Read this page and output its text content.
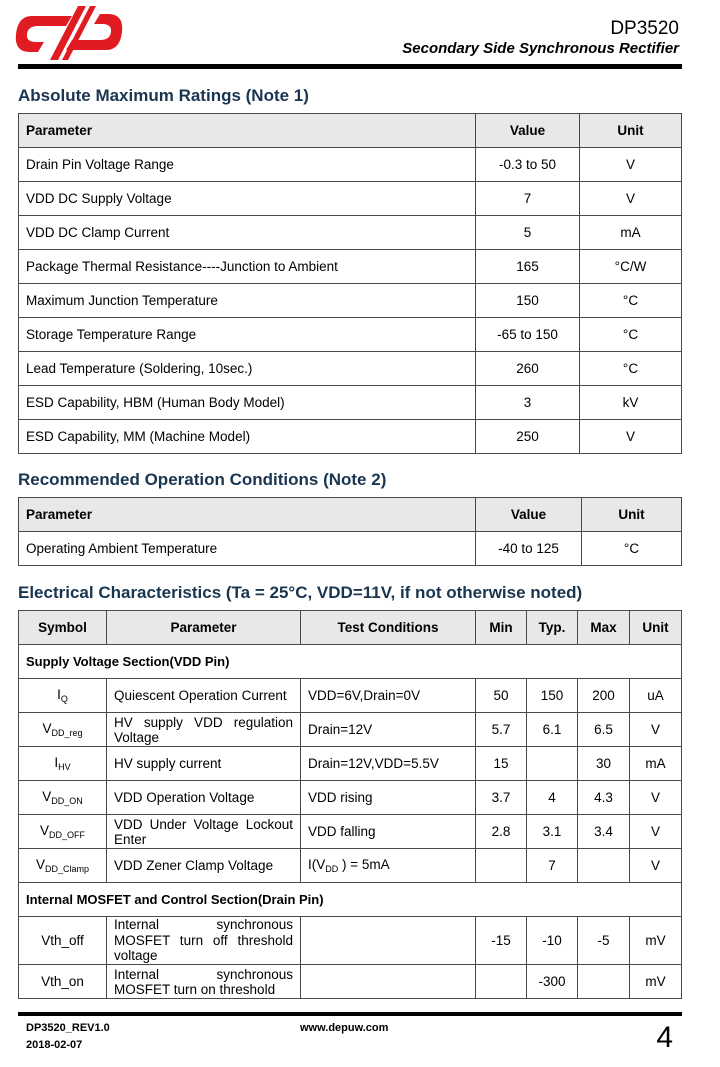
DP3520
Secondary Side Synchronous Rectifier
Absolute Maximum Ratings (Note 1)
Parameter	Value	Unit
Drain Pin Voltage Range	-0.3 to 50	V
VDD DC Supply Voltage	7	V
VDD DC Clamp Current	5	mA
Package Thermal Resistance----Junction to Ambient	165	°C/W
Maximum Junction Temperature	150	°C
Storage Temperature Range	-65 to 150	°C
Lead Temperature (Soldering, 10sec.)	260	°C
ESD Capability, HBM (Human Body Model)	3	kV
ESD Capability, MM (Machine Model)	250	V
Recommended Operation Conditions (Note 2)
Parameter	Value	Unit
Operating Ambient Temperature	-40 to 125	°C
Electrical Characteristics (Ta = 25°C, VDD=11V, if not otherwise noted)
Symbol	Parameter	Test Conditions	Min	Typ.	Max	Unit
Supply Voltage Section(VDD Pin)						
$I_Q$	Quiescent Operation Current	VDD=6V,Drain=0V	50	150	200	uA
$V_{DD\_reg}$	HV supply VDD regulation Voltage	Drain=12V	5.7	6.1	6.5	V
$I_{HV}$	HV supply current	Drain=12V,VDD=5.5V	15		30	mA
$V_{DD\_ON}$	VDD Operation Voltage	VDD rising	3.7	4	4.3	V
$V_{DD\_OFF}$	VDD Under Voltage Lockout Enter	VDD falling	2.8	3.1	3.4	V
$V_{DD\_Clamp}$	VDD Zener Clamp Voltage	$I(V_{DD}$ ) = 5mA		7		V
Internal MOSFET and Control Section(Drain Pin)						
Vth_off	Internal synchronous MOSFET turn off threshold voltage		-15	-10	-5	mV
Vth_on	Internal synchronous MOSFET turn on threshold			-300		mV
DP3520_REV1.0
2018-02-07
www.depuw.com	4
